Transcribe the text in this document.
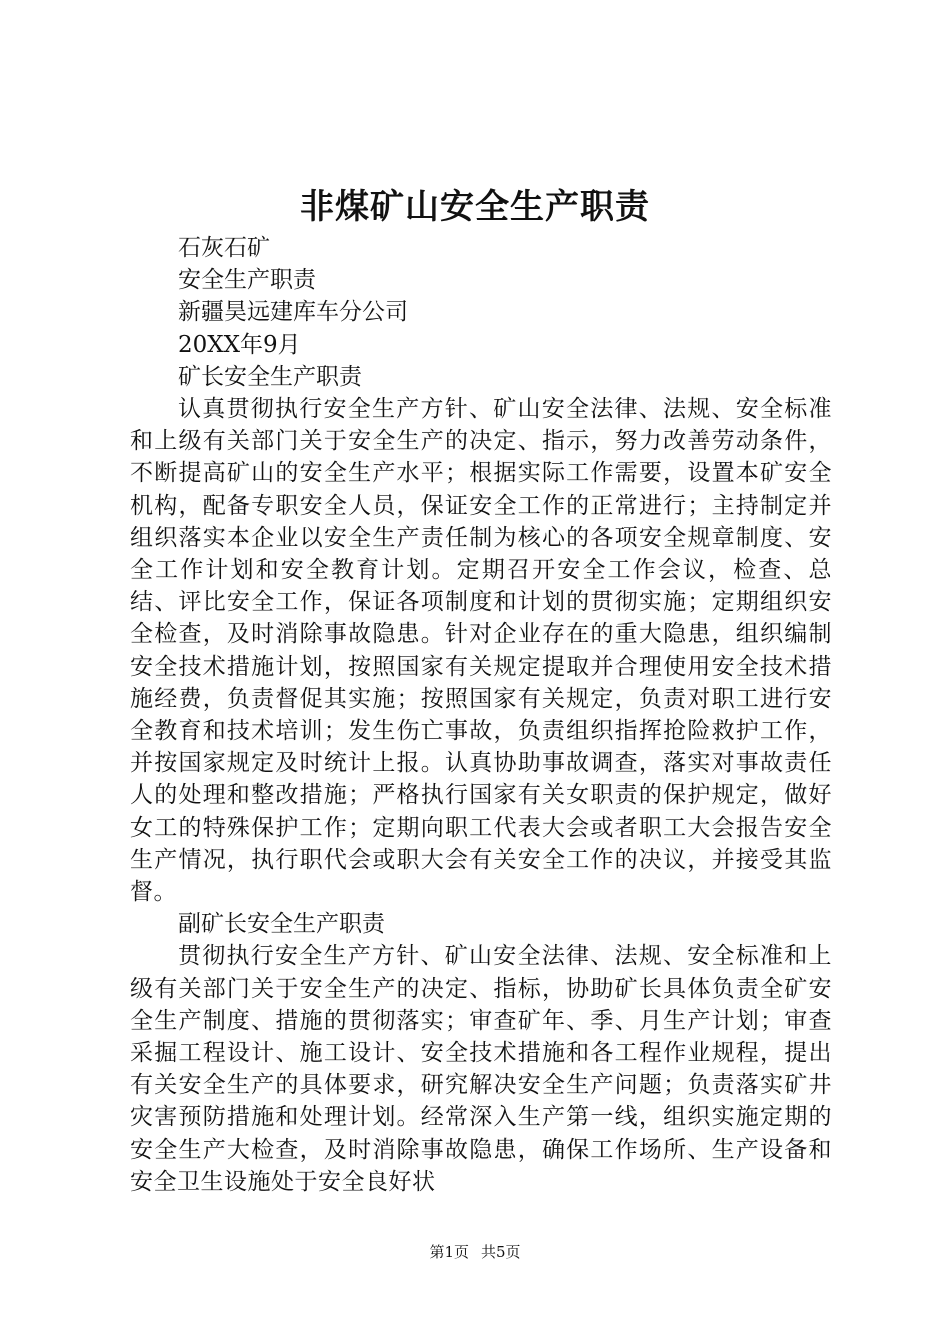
非煤矿山安全生产职责

石灰石矿

安全生产职责

新疆昊远建库车分公司

20XX年9月

矿长安全生产职责

认真贯彻执行安全生产方针、矿山安全法律、法规、安全标准和上级有关部门关于安全生产的决定、指示，努力改善劳动条件，不断提高矿山的安全生产水平；根据实际工作需要，设置本矿安全机构，配备专职安全人员，保证安全工作的正常进行；主持制定并组织落实本企业以安全生产责任制为核心的各项安全规章制度、安全工作计划和安全教育计划。定期召开安全工作会议，检查、总结、评比安全工作，保证各项制度和计划的贯彻实施；定期组织安全检查，及时消除事故隐患。针对企业存在的重大隐患，组织编制安全技术措施计划，按照国家有关规定提取并合理使用安全技术措施经费，负责督促其实施；按照国家有关规定，负责对职工进行安全教育和技术培训；发生伤亡事故，负责组织指挥抢险救护工作，并按国家规定及时统计上报。认真协助事故调查，落实对事故责任人的处理和整改措施；严格执行国家有关女职责的保护规定，做好女工的特殊保护工作；定期向职工代表大会或者职工大会报告安全生产情况，执行职代会或职大会有关安全工作的决议，并接受其监督。

副矿长安全生产职责

贯彻执行安全生产方针、矿山安全法律、法规、安全标准和上级有关部门关于安全生产的决定、指标，协助矿长具体负责全矿安全生产制度、措施的贯彻落实；审查矿年、季、月生产计划；审查采掘工程设计、施工设计、安全技术措施和各工程作业规程，提出有关安全生产的具体要求，研究解决安全生产问题；负责落实矿井灾害预防措施和处理计划。经常深入生产第一线，组织实施定期的安全生产大检查，及时消除事故隐患，确保工作场所、生产设备和安全卫生设施处于安全良好状

第1页 共5页
